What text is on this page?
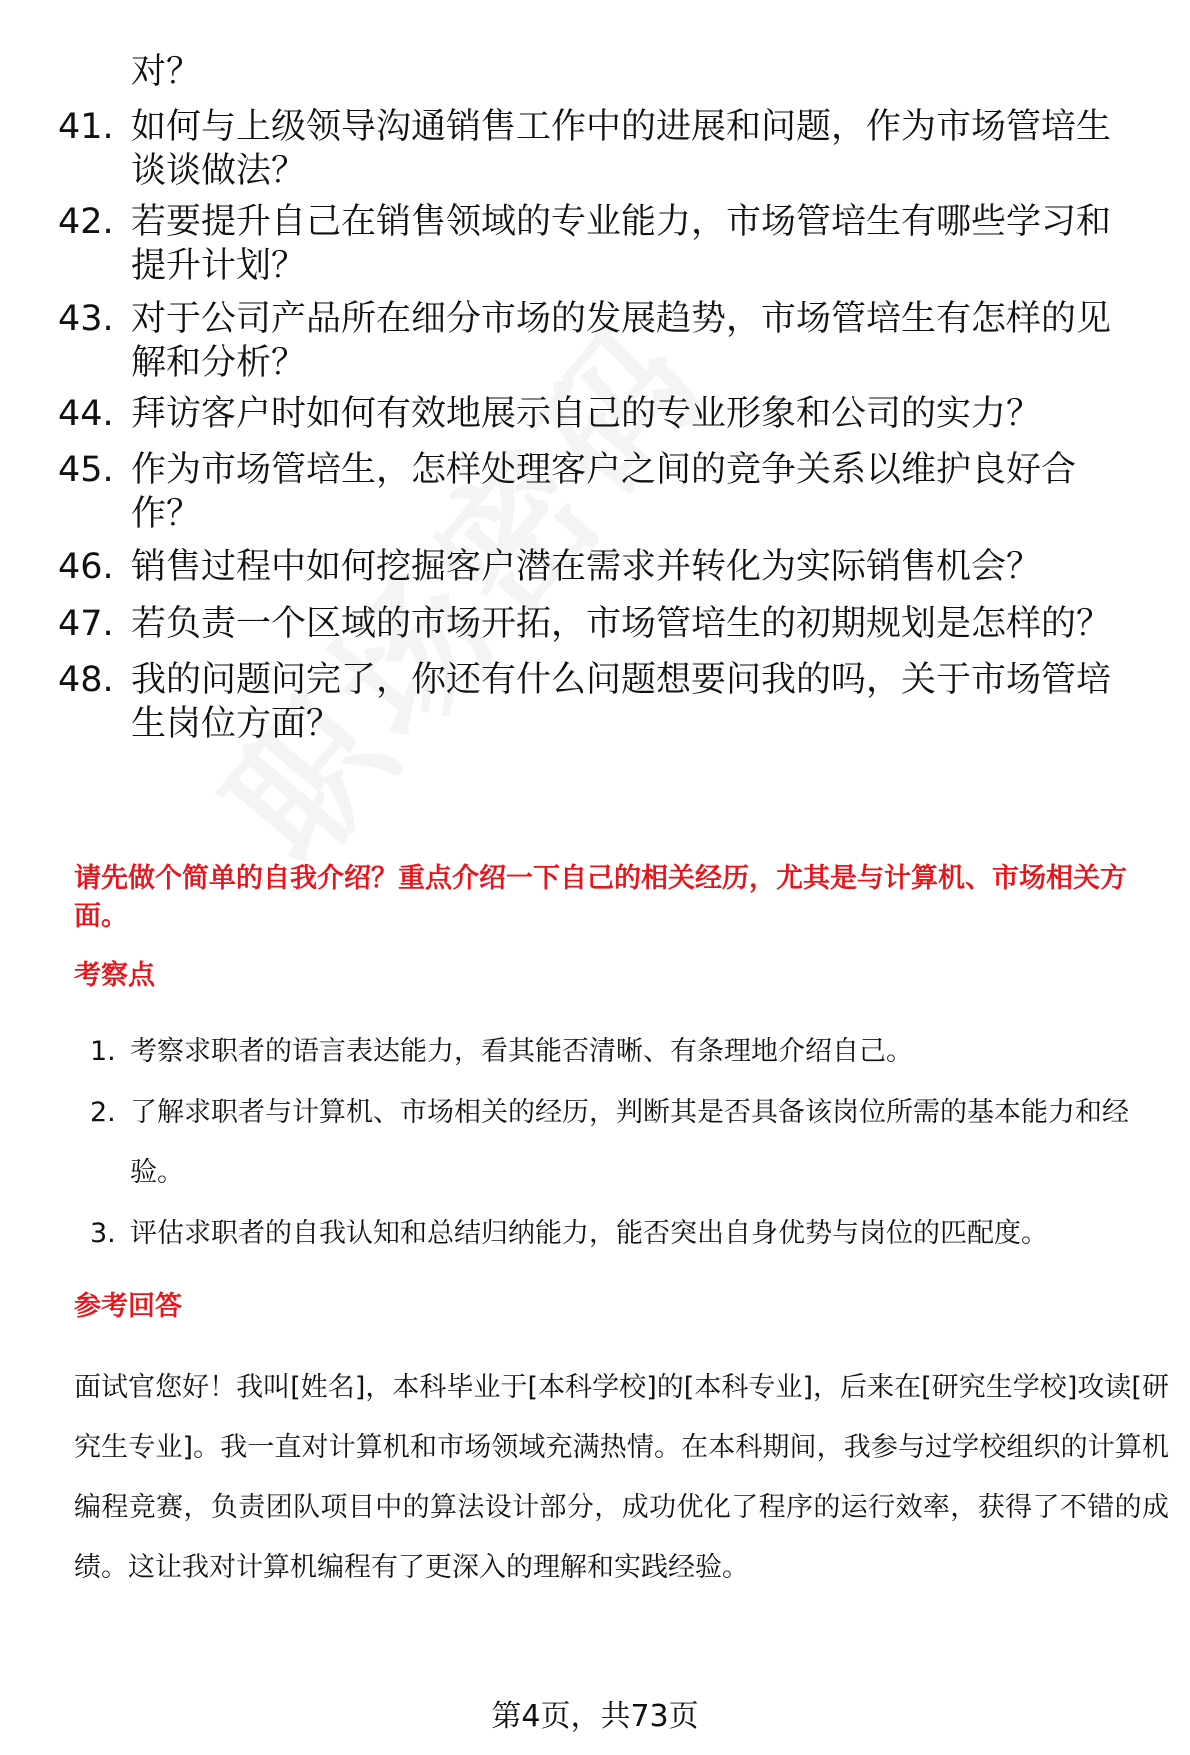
对？
41. 如何与上级领导沟通销售工作中的进展和问题，作为市场管培生谈谈做法？
42. 若要提升自己在销售领域的专业能力，市场管培生有哪些学习和提升计划？
43. 对于公司产品所在细分市场的发展趋势，市场管培生有怎样的见解和分析？
44. 拜访客户时如何有效地展示自己的专业形象和公司的实力？
45. 作为市场管培生，怎样处理客户之间的竞争关系以维护良好合作？
46. 销售过程中如何挖掘客户潜在需求并转化为实际销售机会？
47. 若负责一个区域的市场开拓，市场管培生的初期规划是怎样的？
48. 我的问题问完了，你还有什么问题想要问我的吗，关于市场管培生岗位方面？
请先做个简单的自我介绍？重点介绍一下自己的相关经历，尤其是与计算机、市场相关方面。
考察点
1. 考察求职者的语言表达能力，看其能否清晰、有条理地介绍自己。
2. 了解求职者与计算机、市场相关的经历，判断其是否具备该岗位所需的基本能力和经验。
3. 评估求职者的自我认知和总结归纳能力，能否突出自身优势与岗位的匹配度。
参考回答
面试官您好！我叫[姓名]，本科毕业于[本科学校]的[本科专业]，后来在[研究生学校]攻读[研究生专业]。我一直对计算机和市场领域充满热情。在本科期间，我参与过学校组织的计算机编程竞赛，负责团队项目中的算法设计部分，成功优化了程序的运行效率，获得了不错的成绩。这让我对计算机编程有了更深入的理解和实践经验。
第4页，共73页
